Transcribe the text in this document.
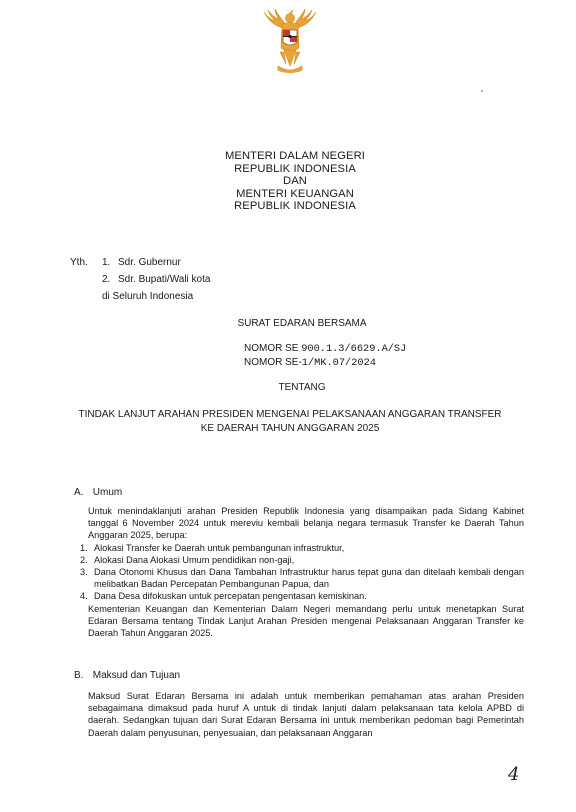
MENTERI DALAM NEGERI
REPUBLIK INDONESIA
DAN
MENTERI KEUANGAN
REPUBLIK INDONESIA
Yth.	1. Sdr. Gubernur
2. Sdr. Bupati/Wali kota
di Seluruh Indonesia
SURAT EDARAN BERSAMA
NOMOR SE 900.1.3/6629.A/SJ
NOMOR SE-1/MK.07/2024
TENTANG
TINDAK LANJUT ARAHAN PRESIDEN MENGENAI PELAKSANAAN ANGGARAN TRANSFER
KE DAERAH TAHUN ANGGARAN 2025
A. Umum

Untuk menindaklanjuti arahan Presiden Republik Indonesia yang disampaikan pada Sidang Kabinet tanggal 6 November 2024 untuk mereviu kembali belanja negara termasuk Transfer ke Daerah Tahun Anggaran 2025, berupa:

1. Alokasi Transfer ke Daerah untuk pembangunan infrastruktur,
2. Alokasi Dana Alokasi Umum pendidikan non-gaji,
3. Dana Otonomi Khusus dan Dana Tambahan Infrastruktur harus tepat guna dan ditelaah kembali dengan melibatkan Badan Percepatan Pembangunan Papua, dan
4. Dana Desa difokuskan untuk percepatan pengentasan kemiskinan.

Kementerian Keuangan dan Kementerian Dalam Negeri memandang perlu untuk menetapkan Surat Edaran Bersama tentang Tindak Lanjut Arahan Presiden mengenai Pelaksanaan Anggaran Transfer ke Daerah Tahun Anggaran 2025.

B. Maksud dan Tujuan

Maksud Surat Edaran Bersama ini adalah untuk memberikan pemahaman atas arahan Presiden sebagaimana dimaksud pada huruf A untuk di tindak lanjuti dalam pelaksanaan tata kelola APBD di daerah. Sedangkan tujuan dari Surat Edaran Bersama ini untuk memberikan pedoman bagi Pemerintah Daerah dalam penyusunan, penyesuaian, dan pelaksanaan Anggaran

4
